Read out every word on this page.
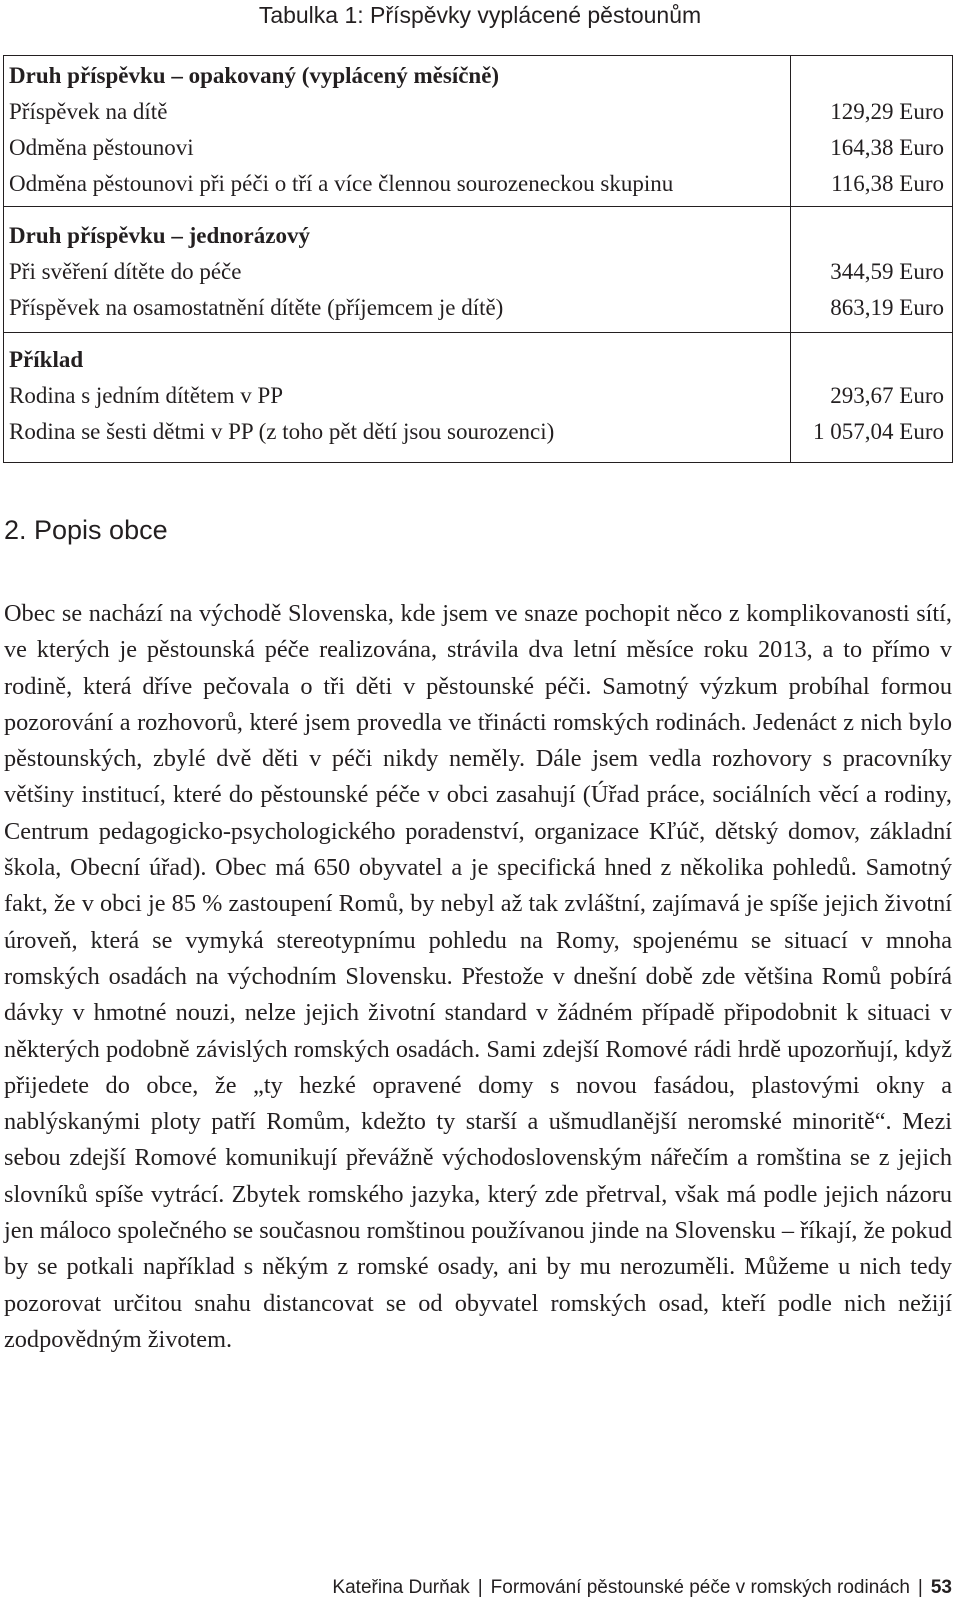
Tabulka 1: Příspěvky vyplácené pěstounům
Druh příspěvku – opakovaný (vyplácený měsíčně)
Příspěvek na dítě	129,29 Euro
Odměna pěstounovi	164,38 Euro
Odměna pěstounovi při péči o tří a více člennou sourozeneckou skupinu	116,38 Euro
Druh příspěvku – jednorázový
Při svěření dítěte do péče	344,59 Euro
Příspěvek na osamostatnění dítěte (příjemcem je dítě)	863,19 Euro
Příklad
Rodina s jedním dítětem v PP	293,67 Euro
Rodina se šesti dětmi v PP (z toho pět dětí jsou sourozenci)	1 057,04 Euro
2. Popis obce
Obec se nachází na východě Slovenska, kde jsem ve snaze pochopit něco z komplikovanosti sítí, ve kterých je pěstounská péče realizována, strávila dva letní měsíce roku 2013, a to přímo v rodině, která dříve pečovala o tři děti v pěstounské péči. Samotný výzkum probíhal formou pozorování a rozhovorů, které jsem provedla ve třinácti romských rodinách. Jedenáct z nich bylo pěstounských, zbylé dvě děti v péči nikdy neměly. Dále jsem vedla rozhovory s pracovníky většiny institucí, které do pěstounské péče v obci zasahují (Úřad práce, sociálních věcí a rodiny, Centrum pedagogicko-psychologického poradenství, organizace Kľúč, dětský domov, základní škola, Obecní úřad). Obec má 650 obyvatel a je specifická hned z několika pohledů. Samotný fakt, že v obci je 85 % zastoupení Romů, by nebyl až tak zvláštní, zajímavá je spíše jejich životní úroveň, která se vymyká stereotypnímu pohledu na Romy, spojenému se situací v mnoha romských osadách na východním Slovensku. Přestože v dnešní době zde většina Romů pobírá dávky v hmotné nouzi, nelze jejich životní standard v žádném případě připodobnit k situaci v některých podobně závislých romských osadách. Sami zdejší Romové rádi hrdě upozorňují, když přijedete do obce, že „ty hezké opravené domy s novou fasádou, plastovými okny a nablýskanými ploty patří Romům, kdežto ty starší a ušmudlanější neromské minoritě“. Mezi sebou zdejší Romové komunikují převážně východoslovenským nářečím a romština se z jejich slovníků spíše vytrácí. Zbytek romského jazyka, který zde přetrval, však má podle jejich názoru jen máloco společného se současnou romštinou používanou jinde na Slovensku – říkají, že pokud by se potkali například s někým z romské osady, ani by mu nerozuměli. Můžeme u nich tedy pozorovat určitou snahu distancovat se od obyvatel romských osad, kteří podle nich nežijí zodpovědným životem.
Kateřina Durňak | Formování pěstounské péče v romských rodinách | 53
